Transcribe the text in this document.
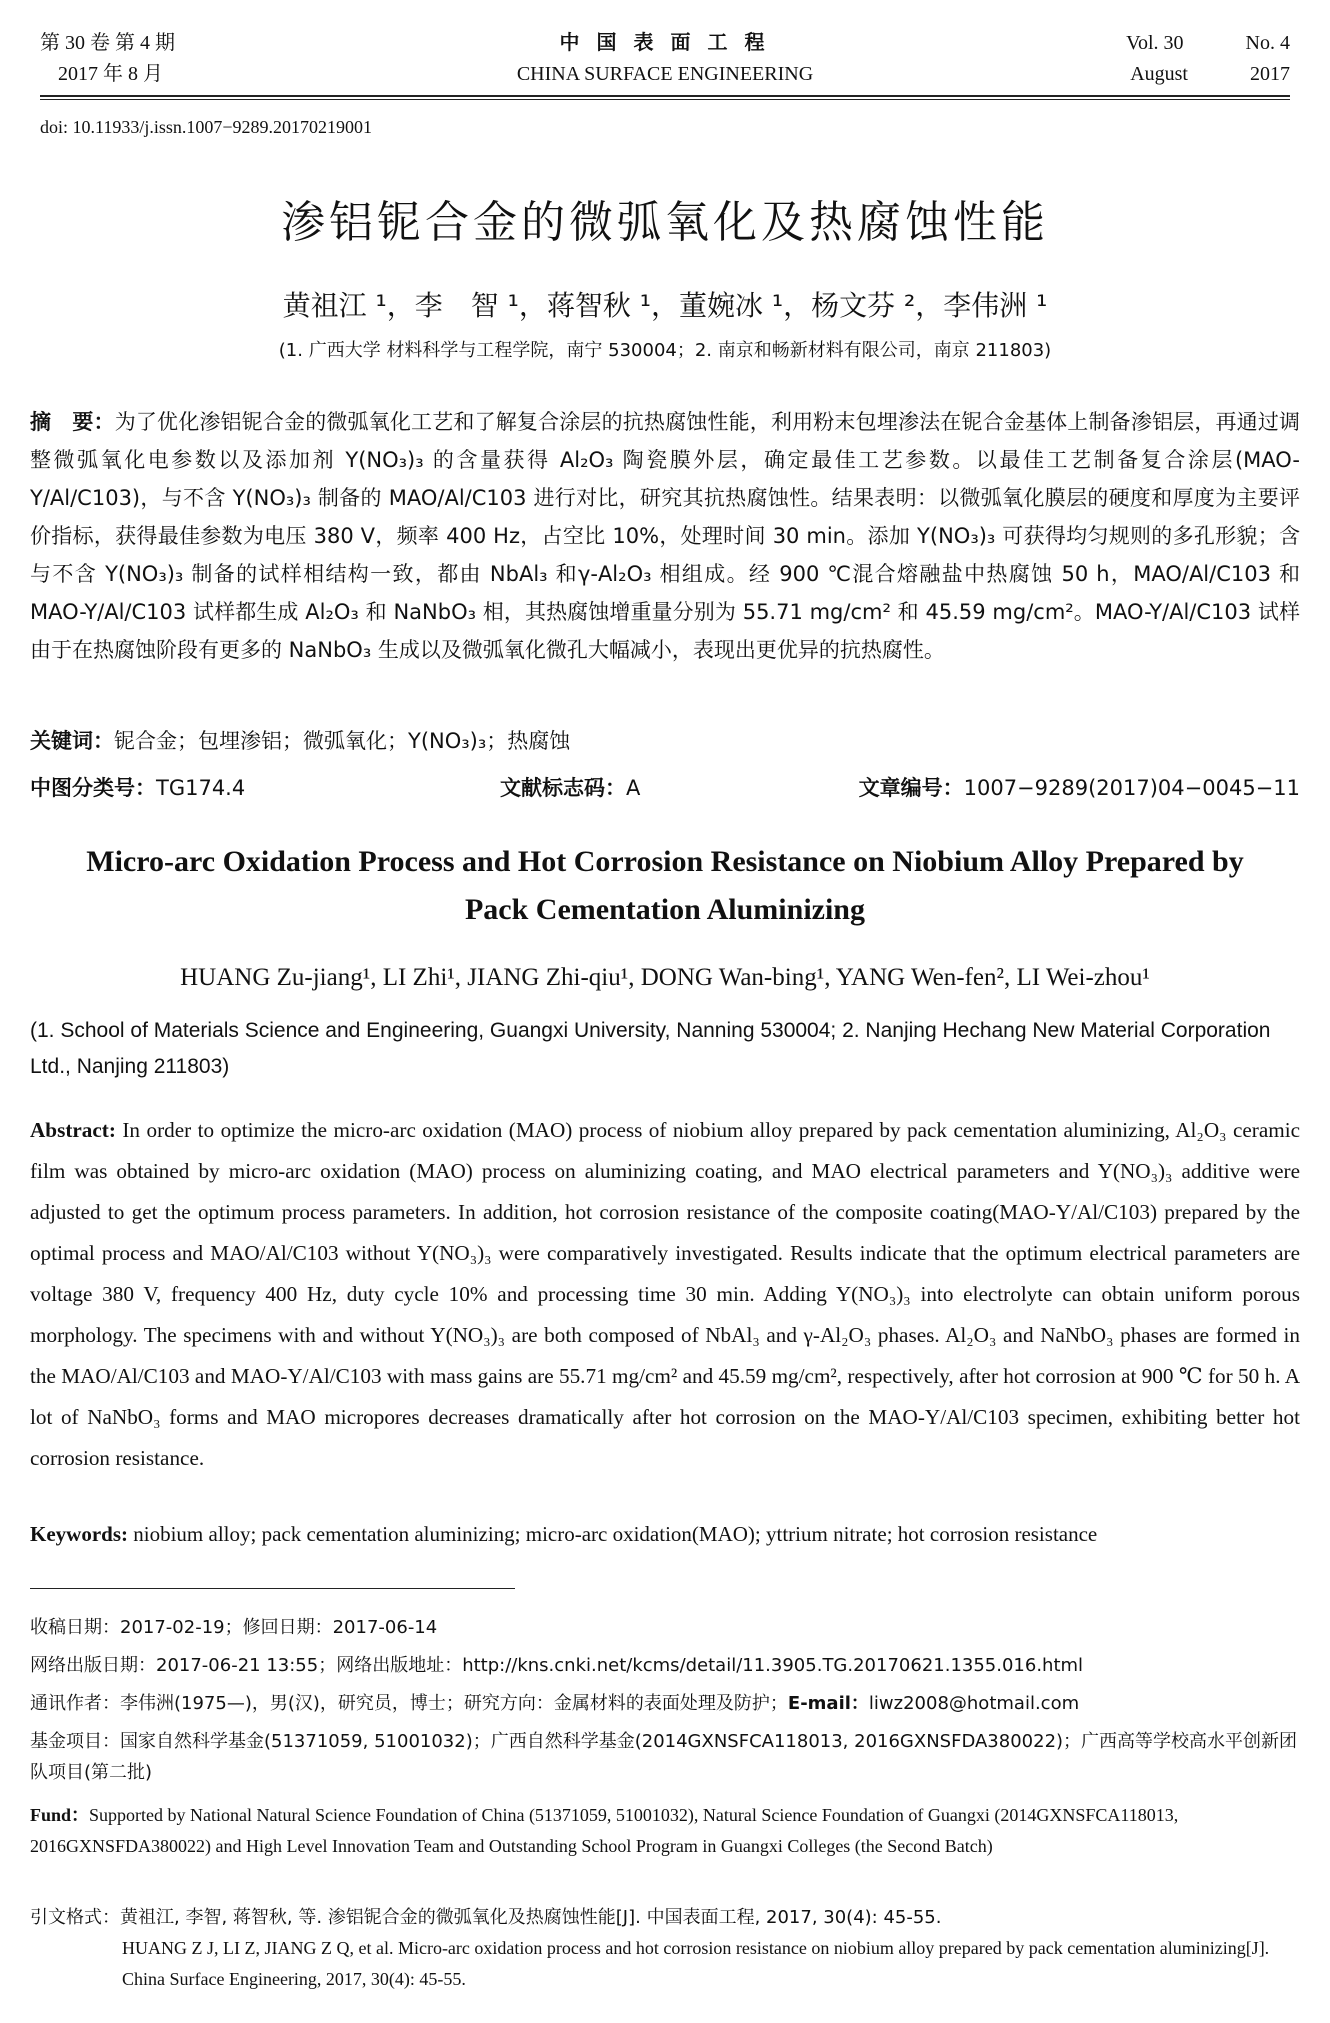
第 30 卷 第 4 期
2017 年 8 月
中 国 表 面 工 程
CHINA SURFACE ENGINEERING
Vol. 30	No. 4
August	2017
doi: 10.11933/j.issn.1007−9289.20170219001
渗铝铌合金的微弧氧化及热腐蚀性能
黄祖江 ¹，李　智 ¹，蒋智秋 ¹，董婉冰 ¹，杨文芬 ²，李伟洲 ¹
(1. 广西大学 材料科学与工程学院，南宁 530004；2. 南京和畅新材料有限公司，南京 211803)
摘　要：为了优化渗铝铌合金的微弧氧化工艺和了解复合涂层的抗热腐蚀性能，利用粉末包埋渗法在铌合金基体上制备渗铝层，再通过调整微弧氧化电参数以及添加剂 Y(NO₃)₃ 的含量获得 Al₂O₃ 陶瓷膜外层，确定最佳工艺参数。以最佳工艺制备复合涂层(MAO-Y/Al/C103)，与不含 Y(NO₃)₃ 制备的 MAO/Al/C103 进行对比，研究其抗热腐蚀性。结果表明：以微弧氧化膜层的硬度和厚度为主要评价指标，获得最佳参数为电压 380 V，频率 400 Hz，占空比 10%，处理时间 30 min。添加 Y(NO₃)₃ 可获得均匀规则的多孔形貌；含与不含 Y(NO₃)₃ 制备的试样相结构一致，都由 NbAl₃ 和γ-Al₂O₃ 相组成。经 900 ℃混合熔融盐中热腐蚀 50 h，MAO/Al/C103 和 MAO-Y/Al/C103 试样都生成 Al₂O₃ 和 NaNbO₃ 相，其热腐蚀增重量分别为 55.71 mg/cm² 和 45.59 mg/cm²。MAO-Y/Al/C103 试样由于在热腐蚀阶段有更多的 NaNbO₃ 生成以及微弧氧化微孔大幅减小，表现出更优异的抗热腐性。
关键词：铌合金；包埋渗铝；微弧氧化；Y(NO₃)₃；热腐蚀
中图分类号：TG174.4	文献标志码：A	文章编号：1007−9289(2017)04−0045−11
Micro-arc Oxidation Process and Hot Corrosion Resistance on Niobium Alloy Prepared by Pack Cementation Aluminizing
HUANG Zu-jiang¹, LI Zhi¹, JIANG Zhi-qiu¹, DONG Wan-bing¹, YANG Wen-fen², LI Wei-zhou¹
(1. School of Materials Science and Engineering, Guangxi University, Nanning 530004; 2. Nanjing Hechang New Material Corporation Ltd., Nanjing 211803)
Abstract: In order to optimize the micro-arc oxidation (MAO) process of niobium alloy prepared by pack cementation aluminizing, Al₂O₃ ceramic film was obtained by micro-arc oxidation (MAO) process on aluminizing coating, and MAO electrical parameters and Y(NO₃)₃ additive were adjusted to get the optimum process parameters. In addition, hot corrosion resistance of the composite coating(MAO-Y/Al/C103) prepared by the optimal process and MAO/Al/C103 without Y(NO₃)₃ were comparatively investigated. Results indicate that the optimum electrical parameters are voltage 380 V, frequency 400 Hz, duty cycle 10% and processing time 30 min. Adding Y(NO₃)₃ into electrolyte can obtain uniform porous morphology. The specimens with and without Y(NO₃)₃ are both composed of NbAl₃ and γ-Al₂O₃ phases. Al₂O₃ and NaNbO₃ phases are formed in the MAO/Al/C103 and MAO-Y/Al/C103 with mass gains are 55.71 mg/cm² and 45.59 mg/cm², respectively, after hot corrosion at 900 ℃ for 50 h. A lot of NaNbO₃ forms and MAO micropores decreases dramatically after hot corrosion on the MAO-Y/Al/C103 specimen, exhibiting better hot corrosion resistance.
Keywords: niobium alloy; pack cementation aluminizing; micro-arc oxidation(MAO); yttrium nitrate; hot corrosion resistance
收稿日期：2017-02-19；修回日期：2017-06-14
网络出版日期：2017-06-21 13:55；网络出版地址：http://kns.cnki.net/kcms/detail/11.3905.TG.20170621.1355.016.html
通讯作者：李伟洲(1975—)，男(汉)，研究员，博士；研究方向：金属材料的表面处理及防护；E-mail：liwz2008@hotmail.com
基金项目：国家自然科学基金(51371059, 51001032)；广西自然科学基金(2014GXNSFCA118013, 2016GXNSFDA380022)；广西高等学校高水平创新团队项目(第二批)
Fund：Supported by National Natural Science Foundation of China (51371059, 51001032), Natural Science Foundation of Guangxi (2014GXNSFCA118013, 2016GXNSFDA380022) and High Level Innovation Team and Outstanding School Program in Guangxi Colleges (the Second Batch)
引文格式：黄祖江, 李智, 蒋智秋, 等. 渗铝铌合金的微弧氧化及热腐蚀性能[J]. 中国表面工程, 2017, 30(4): 45-55.
HUANG Z J, LI Z, JIANG Z Q, et al. Micro-arc oxidation process and hot corrosion resistance on niobium alloy prepared by pack cementation aluminizing[J]. China Surface Engineering, 2017, 30(4): 45-55.
